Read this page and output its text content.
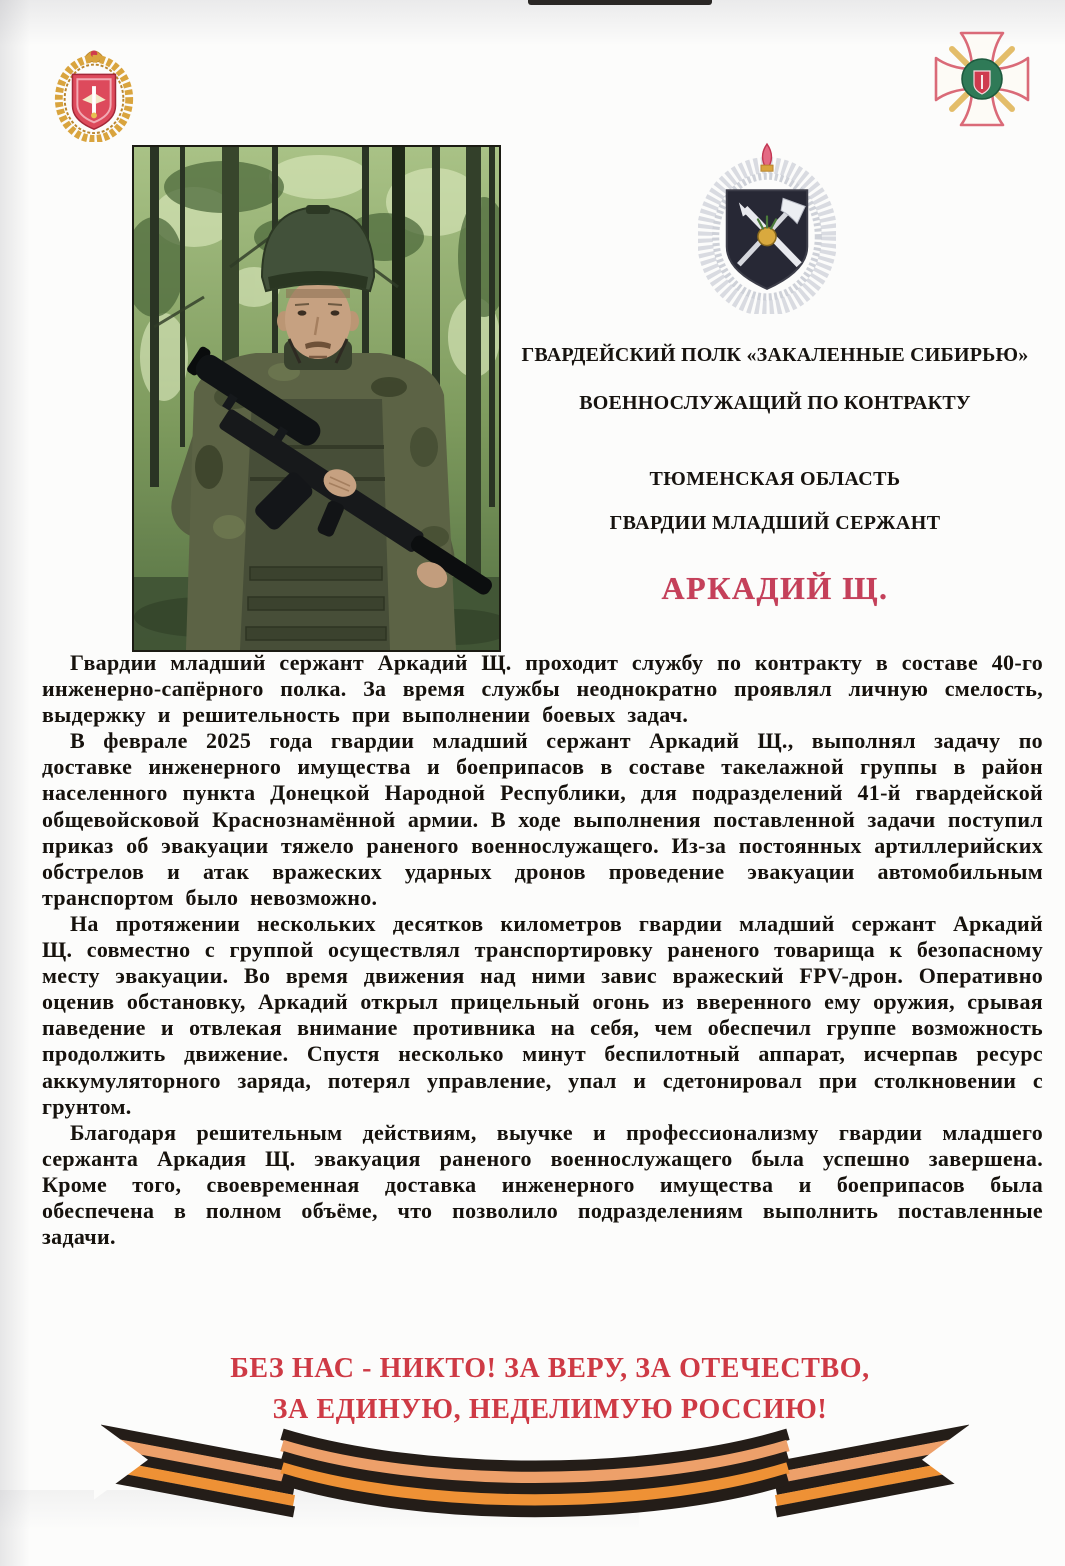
ГВАРДЕЙСКИЙ ПОЛК «ЗАКАЛЕННЫЕ СИБИРЬЮ»
ВОЕННОСЛУЖАЩИЙ ПО КОНТРАКТУ
ТЮМЕНСКАЯ ОБЛАСТЬ
ГВАРДИИ МЛАДШИЙ СЕРЖАНТ
АРКАДИЙ Щ.

Гвардии младший сержант Аркадий Щ. проходит службу по контракту в составе 40-го инженерно-сапёрного полка. За время службы неоднократно проявлял личную смелость, выдержку и решительность при выполнении боевых задач.

В феврале 2025 года гвардии младший сержант Аркадий Щ., выполнял задачу по доставке инженерного имущества и боеприпасов в составе такелажной группы в район населенного пункта Донецкой Народной Республики, для подразделений 41-й гвардейской общевойсковой Краснознамённой армии. В ходе выполнения поставленной задачи поступил приказ об эвакуации тяжело раненого военнослужащего. Из-за постоянных артиллерийских обстрелов и атак вражеских ударных дронов проведение эвакуации автомобильным транспортом было невозможно.

На протяжении нескольких десятков километров гвардии младший сержант Аркадий Щ. совместно с группой осуществлял транспортировку раненого товарища к безопасному месту эвакуации. Во время движения над ними завис вражеский FPV-дрон. Оперативно оценив обстановку, Аркадий открыл прицельный огонь из вверенного ему оружия, срывая паведение и отвлекая внимание противника на себя, чем обеспечил группе возможность продолжить движение. Спустя несколько минут беспилотный аппарат, исчерпав ресурс аккумуляторного заряда, потерял управление, упал и сдетонировал при столкновении с грунтом.

Благодаря решительным действиям, выучке и профессионализму гвардии младшего сержанта Аркадия Щ. эвакуация раненого военнослужащего была успешно завершена. Кроме того, своевременная доставка инженерного имущества и боеприпасов была обеспечена в полном объёме, что позволило подразделениям выполнить поставленные задачи.

БЕЗ НАС - НИКТО! ЗА ВЕРУ, ЗА ОТЕЧЕСТВО,
ЗА ЕДИНУЮ, НЕДЕЛИМУЮ РОССИЮ!
